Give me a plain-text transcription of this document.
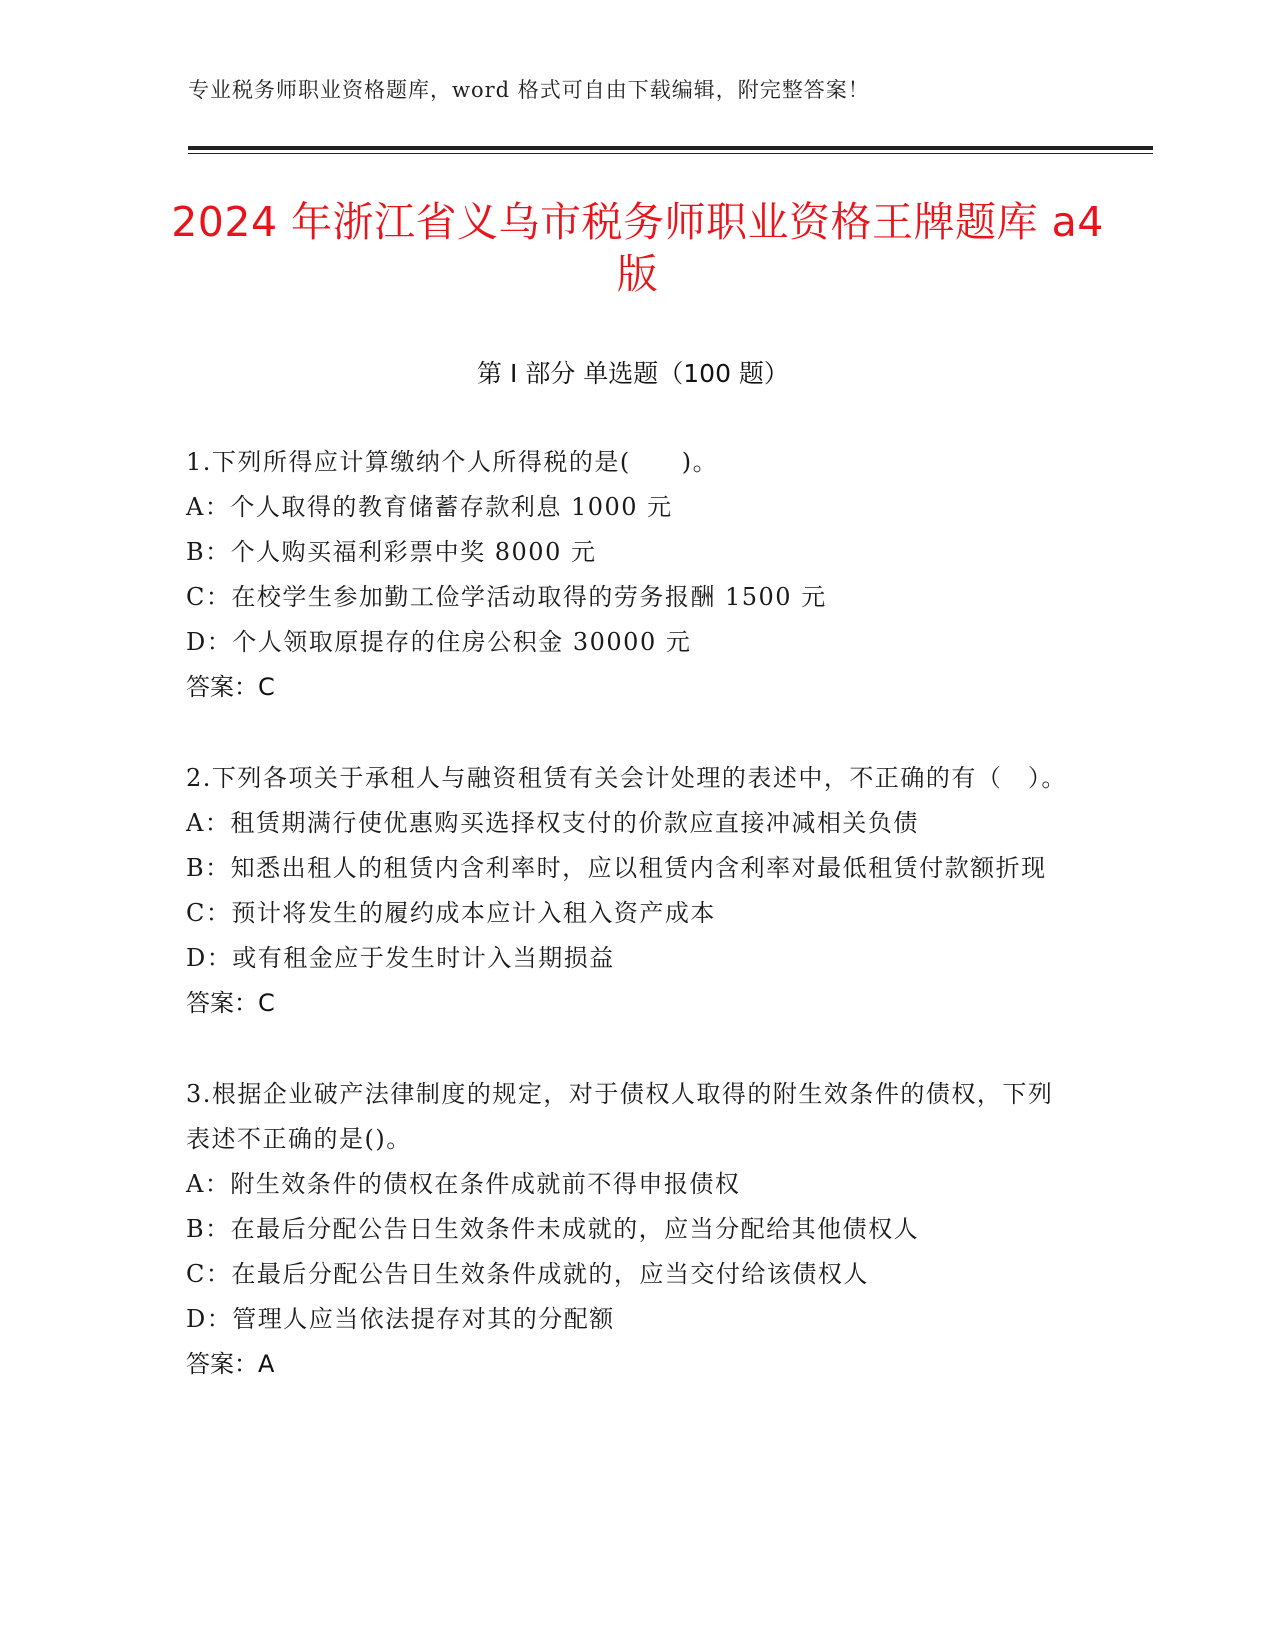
专业税务师职业资格题库，word 格式可自由下载编辑，附完整答案！
2024 年浙江省义乌市税务师职业资格王牌题库 a4 版
第 I 部分 单选题（100 题）
1.下列所得应计算缴纳个人所得税的是(　　)。
A：个人取得的教育储蓄存款利息 1000 元
B：个人购买福利彩票中奖 8000 元
C：在校学生参加勤工俭学活动取得的劳务报酬 1500 元
D：个人领取原提存的住房公积金 30000 元
答案：C
2.下列各项关于承租人与融资租赁有关会计处理的表述中，不正确的有（　）。
A：租赁期满行使优惠购买选择权支付的价款应直接冲减相关负债
B：知悉出租人的租赁内含利率时，应以租赁内含利率对最低租赁付款额折现
C：预计将发生的履约成本应计入租入资产成本
D：或有租金应于发生时计入当期损益
答案：C
3.根据企业破产法律制度的规定，对于债权人取得的附生效条件的债权，下列表述不正确的是()。
A：附生效条件的债权在条件成就前不得申报债权
B：在最后分配公告日生效条件未成就的，应当分配给其他债权人
C：在最后分配公告日生效条件成就的，应当交付给该债权人
D：管理人应当依法提存对其的分配额
答案：A
